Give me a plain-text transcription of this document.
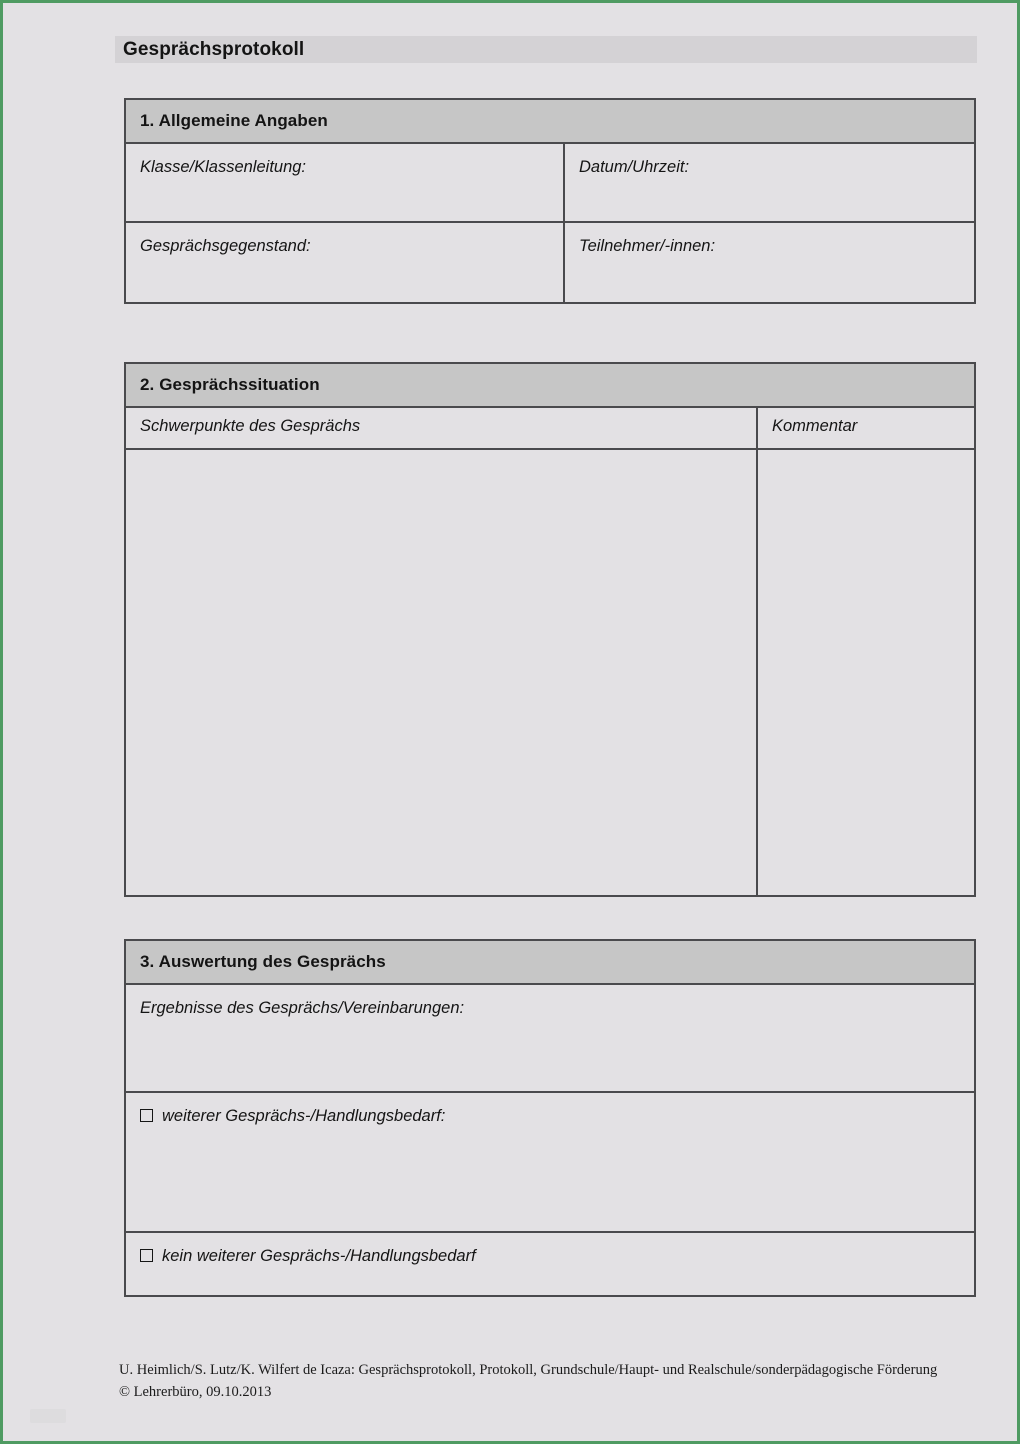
Gesprächsprotokoll
1. Allgemeine Angaben
Klasse/Klassenleitung:	Datum/Uhrzeit:
Gesprächsgegenstand:	Teilnehmer/-innen:
2. Gesprächssituation
Schwerpunkte des Gesprächs	Kommentar
3. Auswertung des Gesprächs
Ergebnisse des Gesprächs/Vereinbarungen:
weiterer Gesprächs-/Handlungsbedarf:
kein weiterer Gesprächs-/Handlungsbedarf
U. Heimlich/S. Lutz/K. Wilfert de Icaza: Gesprächsprotokoll, Protokoll, Grundschule/Haupt- und Realschule/sonderpädagogische Förderung
© Lehrerbüro, 09.10.2013
